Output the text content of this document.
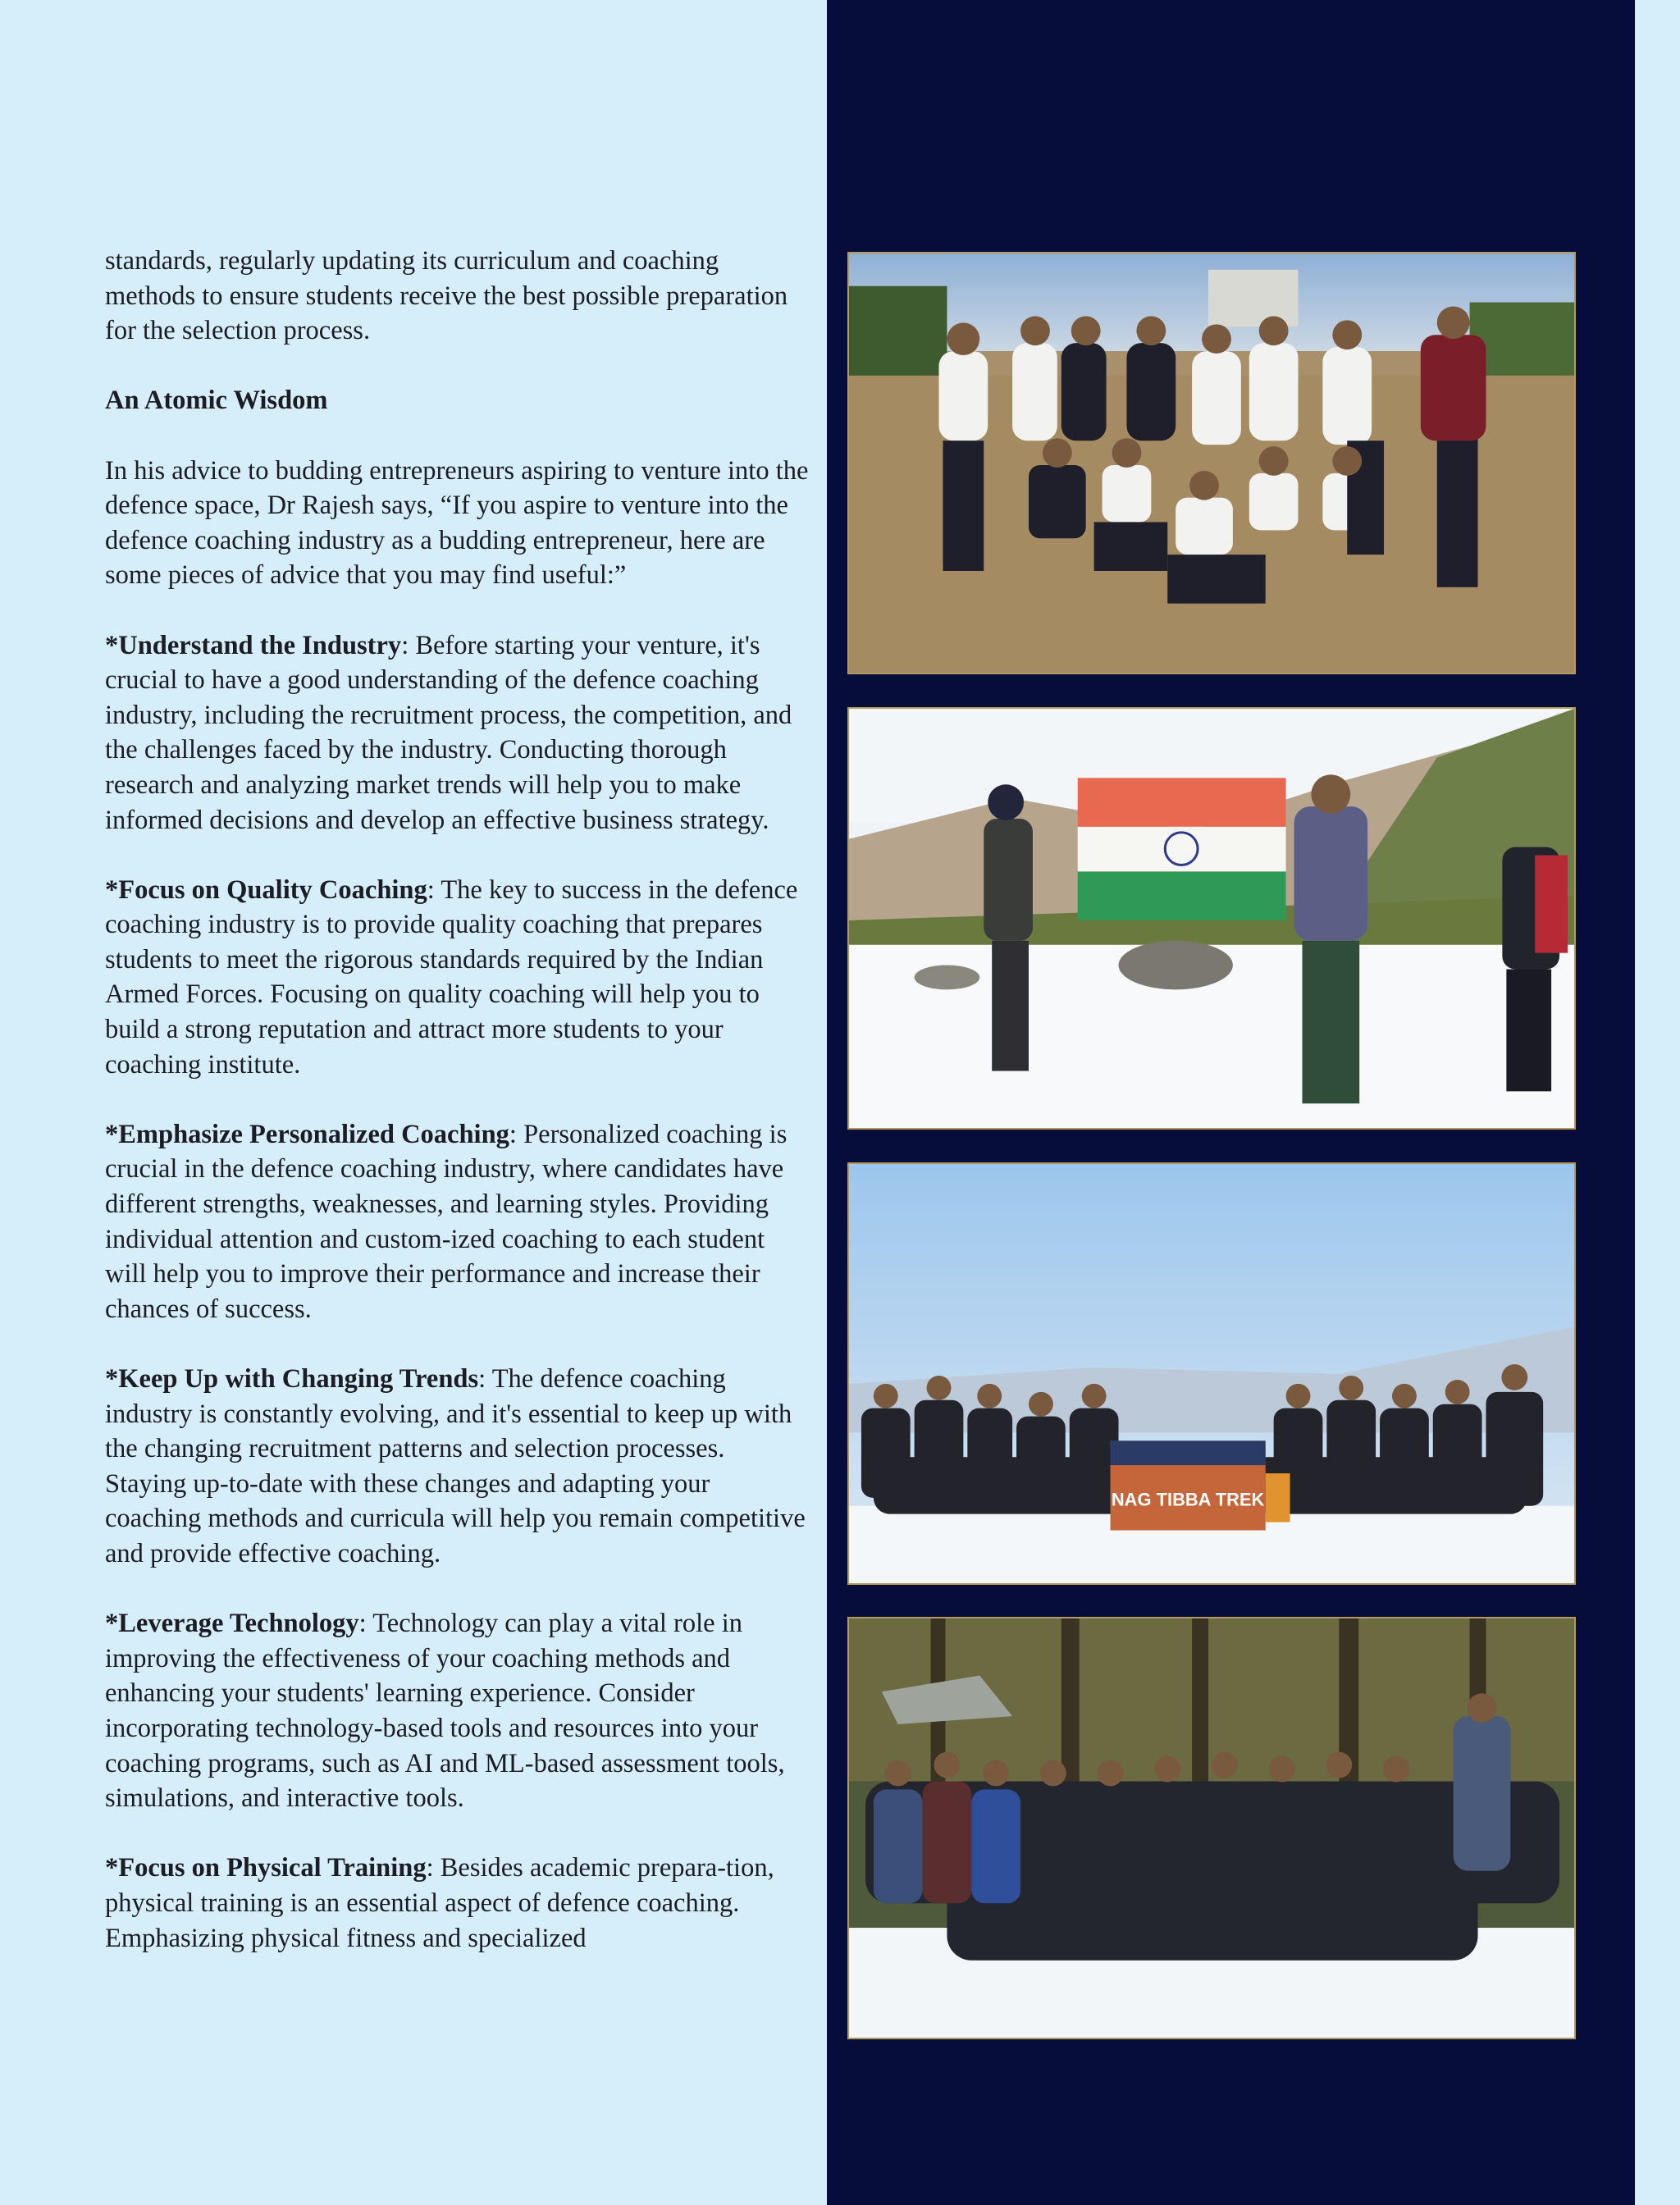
standards, regularly updating its curriculum and coaching methods to ensure students receive the best possible preparation for the selection process.

An Atomic Wisdom

In his advice to budding entrepreneurs aspiring to venture into the defence space, Dr Rajesh says, “If you aspire to venture into the defence coaching industry as a budding entrepreneur, here are some pieces of advice that you may find useful:”

*Understand the Industry: Before starting your venture, it's crucial to have a good understanding of the defence coaching industry, including the recruitment process, the competition, and the challenges faced by the industry. Conducting thorough research and analyzing market trends will help you to make informed decisions and develop an effective business strategy.

*Focus on Quality Coaching: The key to success in the defence coaching industry is to provide quality coaching that prepares students to meet the rigorous standards required by the Indian Armed Forces. Focusing on quality coaching will help you to build a strong reputation and attract more students to your coaching institute.

*Emphasize Personalized Coaching: Personalized coaching is crucial in the defence coaching industry, where candidates have different strengths, weaknesses, and learning styles. Providing individual attention and custom-ized coaching to each student will help you to improve their performance and increase their chances of success.

*Keep Up with Changing Trends: The defence coaching industry is constantly evolving, and it's essential to keep up with the changing recruitment patterns and selection processes. Staying up-to-date with these changes and adapting your coaching methods and curricula will help you remain competitive and provide effective coaching.

*Leverage Technology: Technology can play a vital role in improving the effectiveness of your coaching methods and enhancing your students' learning experience. Consider incorporating technology-based tools and resources into your coaching programs, such as AI and ML-based assessment tools, simulations, and interactive tools.

*Focus on Physical Training: Besides academic prepara-tion, physical training is an essential aspect of defence coaching. Emphasizing physical fitness and specialized

NAG TIBBA TREK
